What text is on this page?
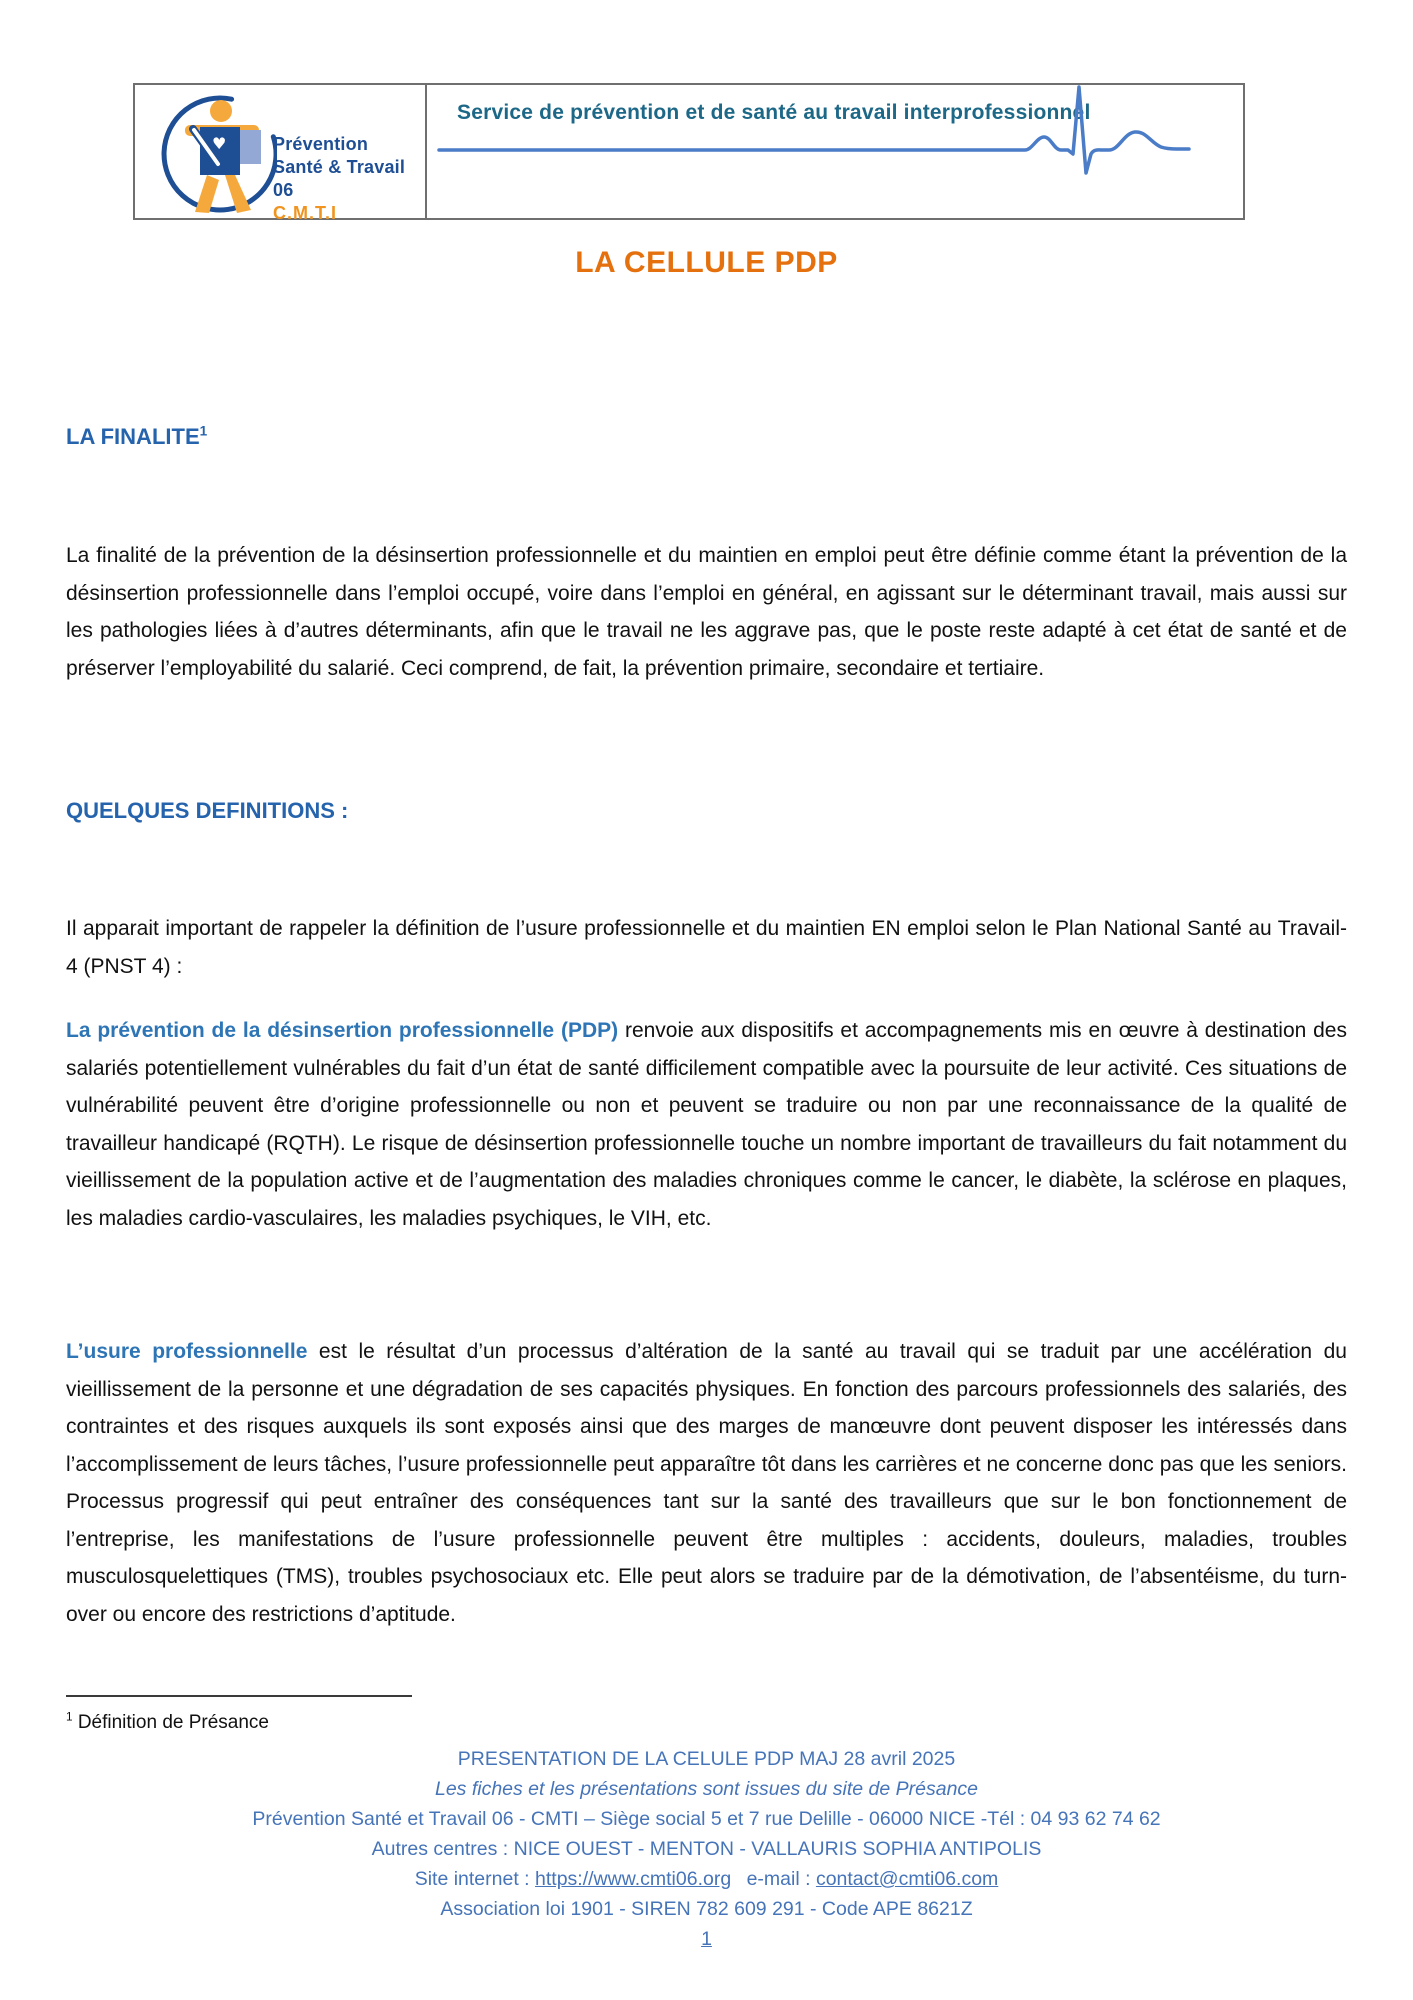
♥	Prévention
Santé & Travail 06
C.M.T.I
Service de prévention et de santé au travail interprofessionnel
LA CELLULE PDP
LA FINALITE$^1$

La finalité de la prévention de la désinsertion professionnelle et du maintien en emploi peut être définie comme étant la prévention de la désinsertion professionnelle dans l’emploi occupé, voire dans l’emploi en général, en agissant sur le déterminant travail, mais aussi sur les pathologies liées à d’autres déterminants, afin que le travail ne les aggrave pas, que le poste reste adapté à cet état de santé et de préserver l’employabilité du salarié. Ceci comprend, de fait, la prévention primaire, secondaire et tertiaire.

QUELQUES DEFINITIONS :

Il apparait important de rappeler la définition de l’usure professionnelle et du maintien EN emploi selon le Plan National Santé au Travail- 4 (PNST 4) :

La prévention de la désinsertion professionnelle (PDP) renvoie aux dispositifs et accompagnements mis en œuvre à destination des salariés potentiellement vulnérables du fait d’un état de santé difficilement compatible avec la poursuite de leur activité. Ces situations de vulnérabilité peuvent être d’origine professionnelle ou non et peuvent se traduire ou non par une reconnaissance de la qualité de travailleur handicapé (RQTH). Le risque de désinsertion professionnelle touche un nombre important de travailleurs du fait notamment du vieillissement de la population active et de l’augmentation des maladies chroniques comme le cancer, le diabète, la sclérose en plaques, les maladies cardio-vasculaires, les maladies psychiques, le VIH, etc.

L’usure professionnelle est le résultat d’un processus d’altération de la santé au travail qui se traduit par une accélération du vieillissement de la personne et une dégradation de ses capacités physiques. En fonction des parcours professionnels des salariés, des contraintes et des risques auxquels ils sont exposés ainsi que des marges de manœuvre dont peuvent disposer les intéressés dans l’accomplissement de leurs tâches, l’usure professionnelle peut apparaître tôt dans les carrières et ne concerne donc pas que les seniors. Processus progressif qui peut entraîner des conséquences tant sur la santé des travailleurs que sur le bon fonctionnement de l’entreprise, les manifestations de l’usure professionnelle peuvent être multiples : accidents, douleurs, maladies, troubles musculosquelettiques (TMS), troubles psychosociaux etc. Elle peut alors se traduire par de la démotivation, de l’absentéisme, du turn-over ou encore des restrictions d’aptitude.

$^1$ Définition de Présance
PRESENTATION DE LA CELULE PDP MAJ 28 avril 2025
Les fiches et les présentations sont issues du site de Présance
Prévention Santé et Travail 06 - CMTI – Siège social 5 et 7 rue Delille - 06000 NICE -Tél : 04 93 62 74 62
Autres centres : NICE OUEST - MENTON - VALLAURIS SOPHIA ANTIPOLIS
Site internet : https://www.cmti06.org e-mail : contact@cmti06.com
Association loi 1901 - SIREN 782 609 291 - Code APE 8621Z
1
